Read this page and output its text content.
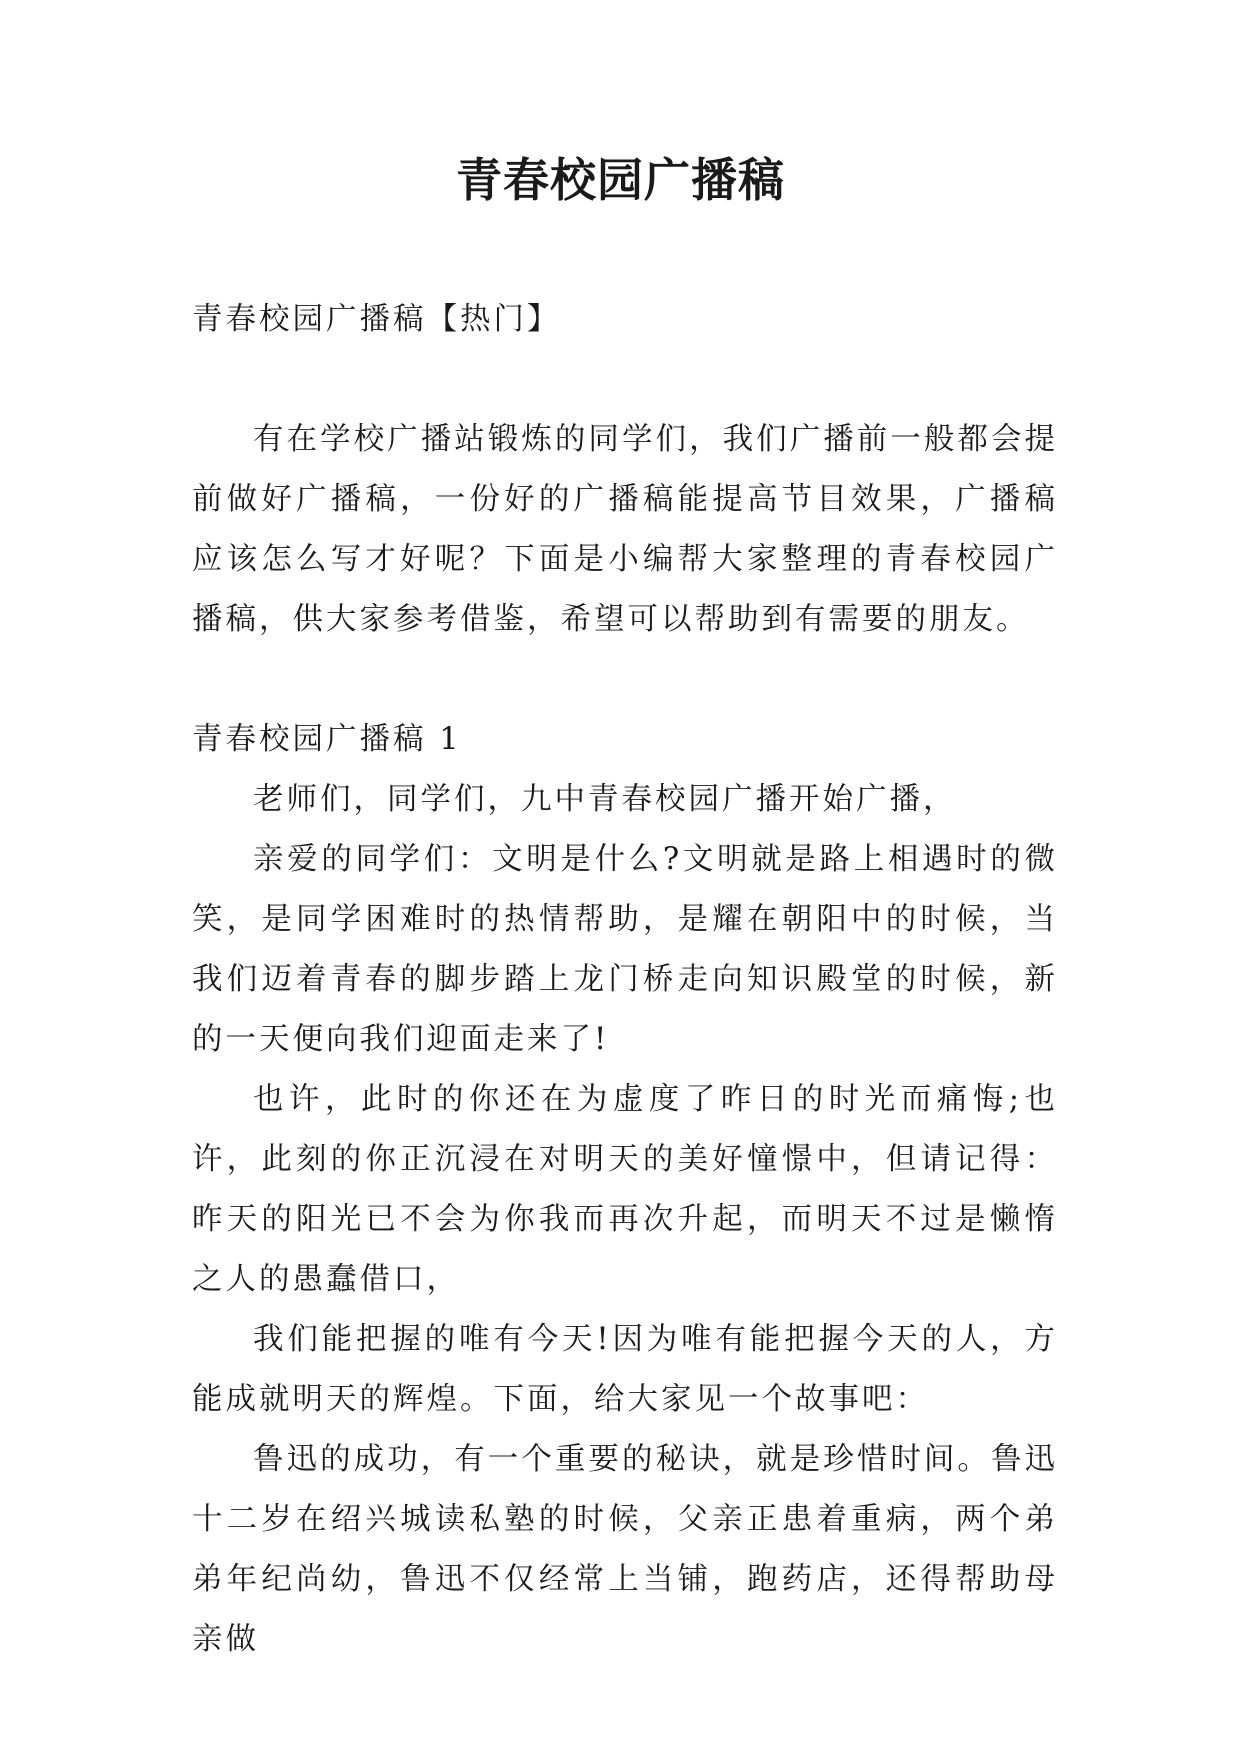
青春校园广播稿

青春校园广播稿【热门】

有在学校广播站锻炼的同学们，我们广播前一般都会提前做好广播稿，一份好的广播稿能提高节目效果，广播稿应该怎么写才好呢？下面是小编帮大家整理的青春校园广播稿，供大家参考借鉴，希望可以帮助到有需要的朋友。

青春校园广播稿 1

老师们，同学们，九中青春校园广播开始广播，

亲爱的同学们：文明是什么?文明就是路上相遇时的微笑，是同学困难时的热情帮助，是耀在朝阳中的时候，当我们迈着青春的脚步踏上龙门桥走向知识殿堂的时候，新的一天便向我们迎面走来了!

也许，此时的你还在为虚度了昨日的时光而痛悔;也许，此刻的你正沉浸在对明天的美好憧憬中，但请记得：昨天的阳光已不会为你我而再次升起，而明天不过是懒惰之人的愚蠢借口，

我们能把握的唯有今天!因为唯有能把握今天的人，方能成就明天的辉煌。下面，给大家见一个故事吧：

鲁迅的成功，有一个重要的秘诀，就是珍惜时间。鲁迅十二岁在绍兴城读私塾的时候，父亲正患着重病，两个弟弟年纪尚幼，鲁迅不仅经常上当铺，跑药店，还得帮助母亲做
